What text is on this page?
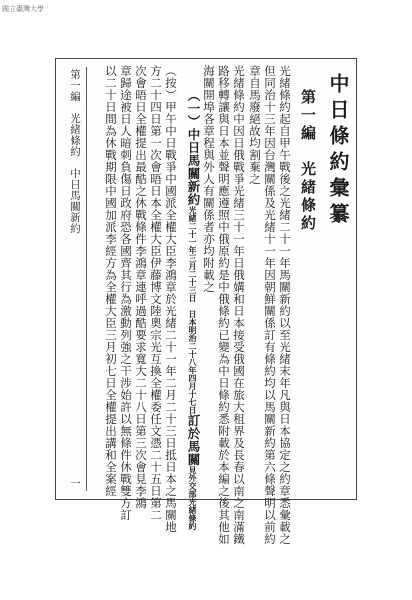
國立臺灣大學
中日條約彙纂
第一編　光緒條約
光緒條約起自甲午戰後之光緒二十一年馬關新約以至光緒末年凡與日本協定之約章悉彙載之
但同治十三年因台灣關係及光緒十一年因朝鮮關係訂有條約均以馬關新約第六條聲明以前約
章自馬廢絕故均割棄之
光緒條約中因日俄戰爭光緒三十一年日俄媾和日本接受俄國在旅大租界及長春以南之南滿鐵
路移轉讓與日本並聲明應遵照中俄原約是中俄條約已變為中日條約悉附載於本編之後其他如
海關開埠各章程與外人有關係者亦均附載之
（一）中日馬關新約光緒二十一年三月二十三日　日本明治二十八年四月十七日訂於馬關見外交部光緒條約
（按）甲午中日戰爭中國派全權大臣李鴻章於光緒二十一年二月二十三日抵日本之馬關地
方二十四日第一次會晤日本全權大臣伊藤博文陸奧宗光互換全權委任文憑二十五日第二
次會晤日全權提出最酷之休戰條件李鴻章連呼過酷要求寬大二十八日第三次會見李鴻
章歸途被日人暗刺負傷日政府恐各國齊其行為激動列強之干涉始許以無條件休戰雙方訂
以二十日間為休戰期限中國加派李經方為全權大臣三月初七日全權提出講和全案經
第一編　光緒條約　中日馬關新約
一
